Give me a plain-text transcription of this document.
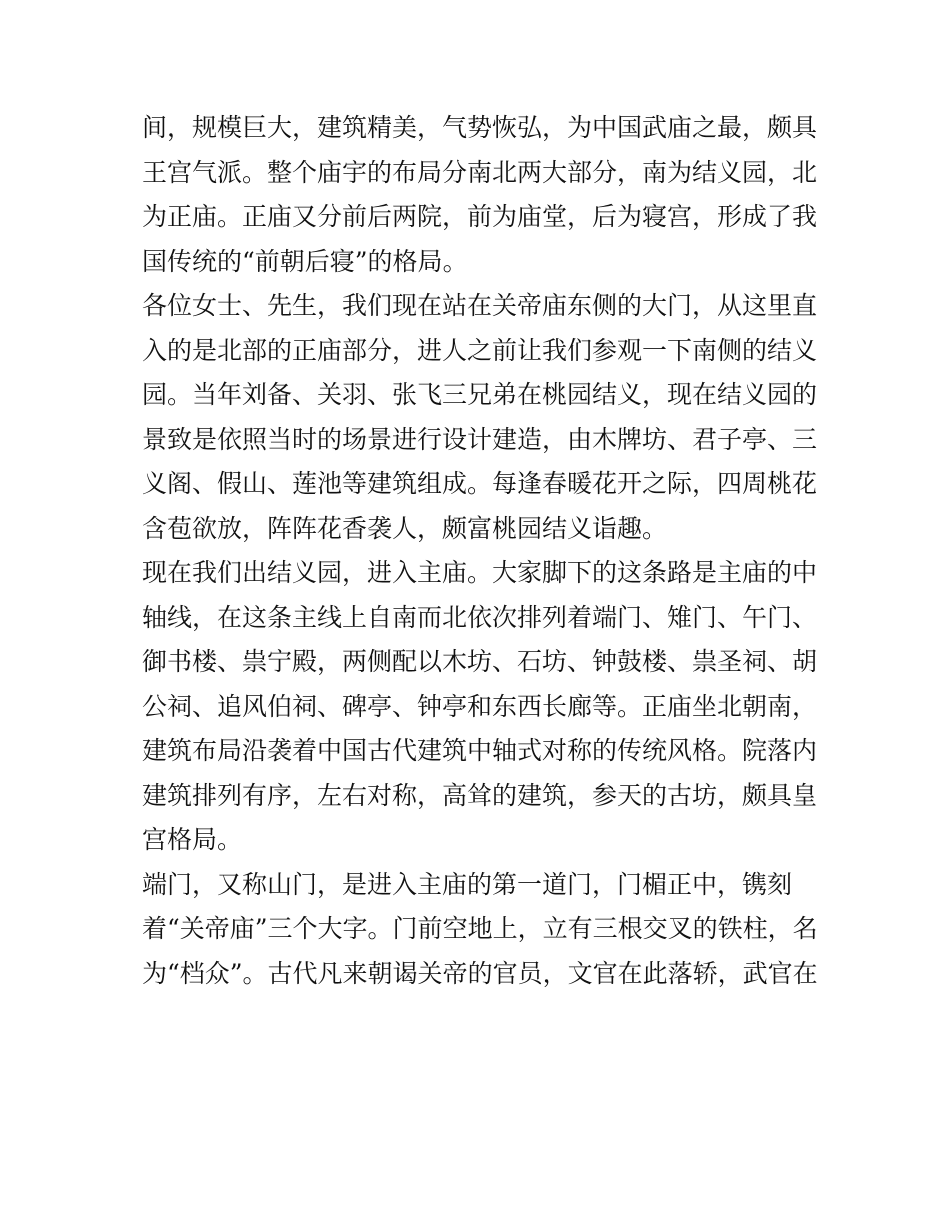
间，规模巨大，建筑精美，气势恢弘，为中国武庙之最，颇具
王宫气派。整个庙宇的布局分南北两大部分，南为结义园，北
为正庙。正庙又分前后两院，前为庙堂，后为寝宫，形成了我
国传统的“前朝后寝”的格局。
各位女士、先生，我们现在站在关帝庙东侧的大门，从这里直
入的是北部的正庙部分，进人之前让我们参观一下南侧的结义
园。当年刘备、关羽、张飞三兄弟在桃园结义，现在结义园的
景致是依照当时的场景进行设计建造，由木牌坊、君子亭、三
义阁、假山、莲池等建筑组成。每逢春暖花开之际，四周桃花
含苞欲放，阵阵花香袭人，颇富桃园结义诣趣。
现在我们出结义园，进入主庙。大家脚下的这条路是主庙的中
轴线，在这条主线上自南而北依次排列着端门、雉门、午门、
御书楼、祟宁殿，两侧配以木坊、石坊、钟鼓楼、祟圣祠、胡
公祠、追风伯祠、碑亭、钟亭和东西长廊等。正庙坐北朝南，
建筑布局沿袭着中国古代建筑中轴式对称的传统风格。院落内
建筑排列有序，左右对称，高耸的建筑，参天的古坊，颇具皇
宫格局。
端门，又称山门，是进入主庙的第一道门，门楣正中，镌刻
着“关帝庙”三个大字。门前空地上，立有三根交叉的铁柱，名
为“档众”。古代凡来朝谒关帝的官员，文官在此落轿，武官在
